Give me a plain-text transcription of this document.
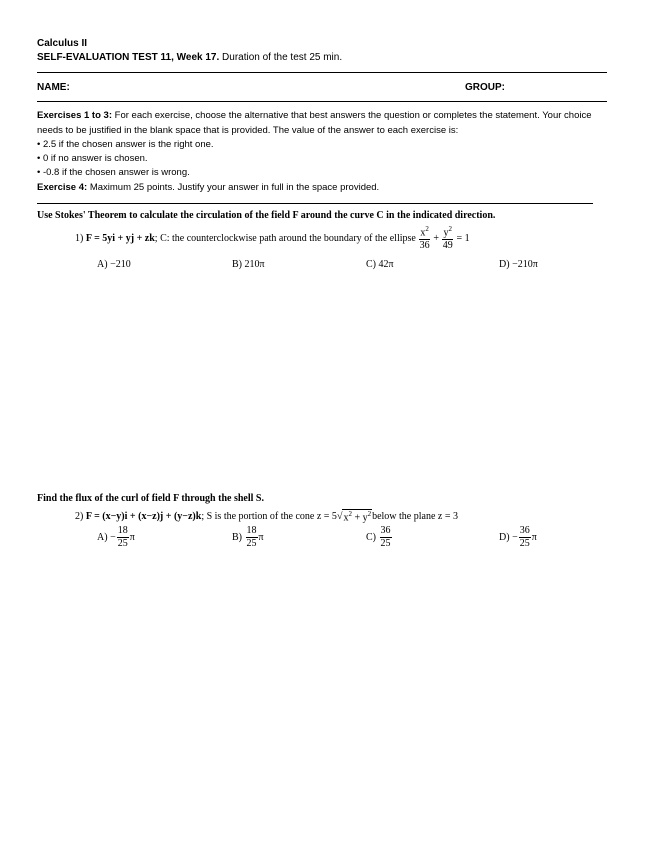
Calculus II
SELF-EVALUATION TEST 11, Week 17. Duration of the test 25 min.
NAME:	GROUP:
Exercises 1 to 3: For each exercise, choose the alternative that best answers the question or completes the statement. Your choice
needs to be justified in the blank space that is provided. The value of the answer to each exercise is:
• 2.5 if the chosen answer is the right one.
• 0 if no answer is chosen.
• -0.8 if the chosen answer is wrong.
Exercise 4: Maximum 25 points. Justify your answer in full in the space provided.
Use Stokes' Theorem to calculate the circulation of the field F around the curve C in the indicated direction.
1)
F = 5yi + yj + zk ; C: the counterclockwise path around the boundary of the ellipse
$\frac{x^2}{36}$
+
$\frac{y^2}{49}$
= 1
A) −210	B) 210π	C) 42π	D) −210π
Find the flux of the curl of field F through the shell S.
2)
F = (x−y)i + (x−z)j + (y−z)k ; S is the portion of the cone z = 5 √ $x^2 + y^2$ below the plane z = 3
A)
− $\frac{18}{25}$ π	B)
$\frac{18}{25}$ π	C)
$\frac{36}{25}$	D)
− $\frac{36}{25}$ π
